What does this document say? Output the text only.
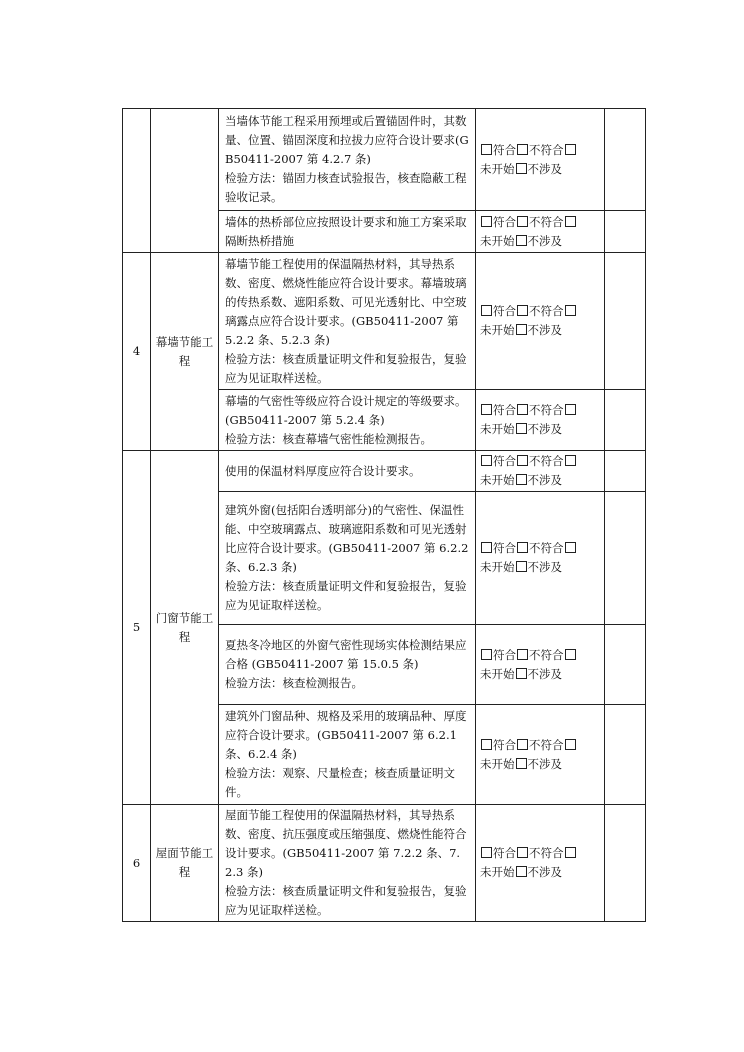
		当墙体节能工程采用预埋或后置锚固件时，其数量、位置、锚固深度和拉拔力应符合设计要求(GB50411-2007 第 4.2.7 条)
检验方法：锚固力核查试验报告，核查隐蔽工程验收记录。	符合 不符合
未开始 不涉及	

		墙体的热桥部位应按照设计要求和施工方案采取隔断热桥措施	符合 不符合
未开始 不涉及	

4	幕墙节能工程	幕墙节能工程使用的保温隔热材料，其导热系数、密度、燃烧性能应符合设计要求。幕墙玻璃的传热系数、遮阳系数、可见光透射比、中空玻璃露点应符合设计要求。(GB50411-2007 第 5.2.2 条、5.2.3 条)
检验方法：核查质量证明文件和复验报告，复验应为见证取样送检。	符合 不符合
未开始 不涉及	

		幕墙的气密性等级应符合设计规定的等级要求。(GB50411-2007 第 5.2.4 条)
检验方法：核查幕墙气密性能检测报告。	符合 不符合
未开始 不涉及	

5	门窗节能工程	使用的保温材料厚度应符合设计要求。	符合 不符合
未开始 不涉及	

		建筑外窗(包括阳台透明部分)的气密性、保温性能、中空玻璃露点、玻璃遮阳系数和可见光透射比应符合设计要求。(GB50411-2007 第 6.2.2 条、6.2.3 条)
检验方法：核查质量证明文件和复验报告，复验应为见证取样送检。	符合 不符合
未开始 不涉及	

		夏热冬冷地区的外窗气密性现场实体检测结果应合格 (GB50411-2007 第 15.0.5 条)
检验方法：核查检测报告。	符合 不符合
未开始 不涉及	

		建筑外门窗品种、规格及采用的玻璃品种、厚度应符合设计要求。(GB50411-2007 第 6.2.1 条、6.2.4 条)
检验方法：观察、尺量检查；核查质量证明文件。	符合 不符合
未开始 不涉及	

6	屋面节能工程	屋面节能工程使用的保温隔热材料，其导热系数、密度、抗压强度或压缩强度、燃烧性能符合设计要求。(GB50411-2007 第 7.2.2 条、7.2.3 条)
检验方法：核查质量证明文件和复验报告，复验应为见证取样送检。	符合 不符合
未开始 不涉及	
